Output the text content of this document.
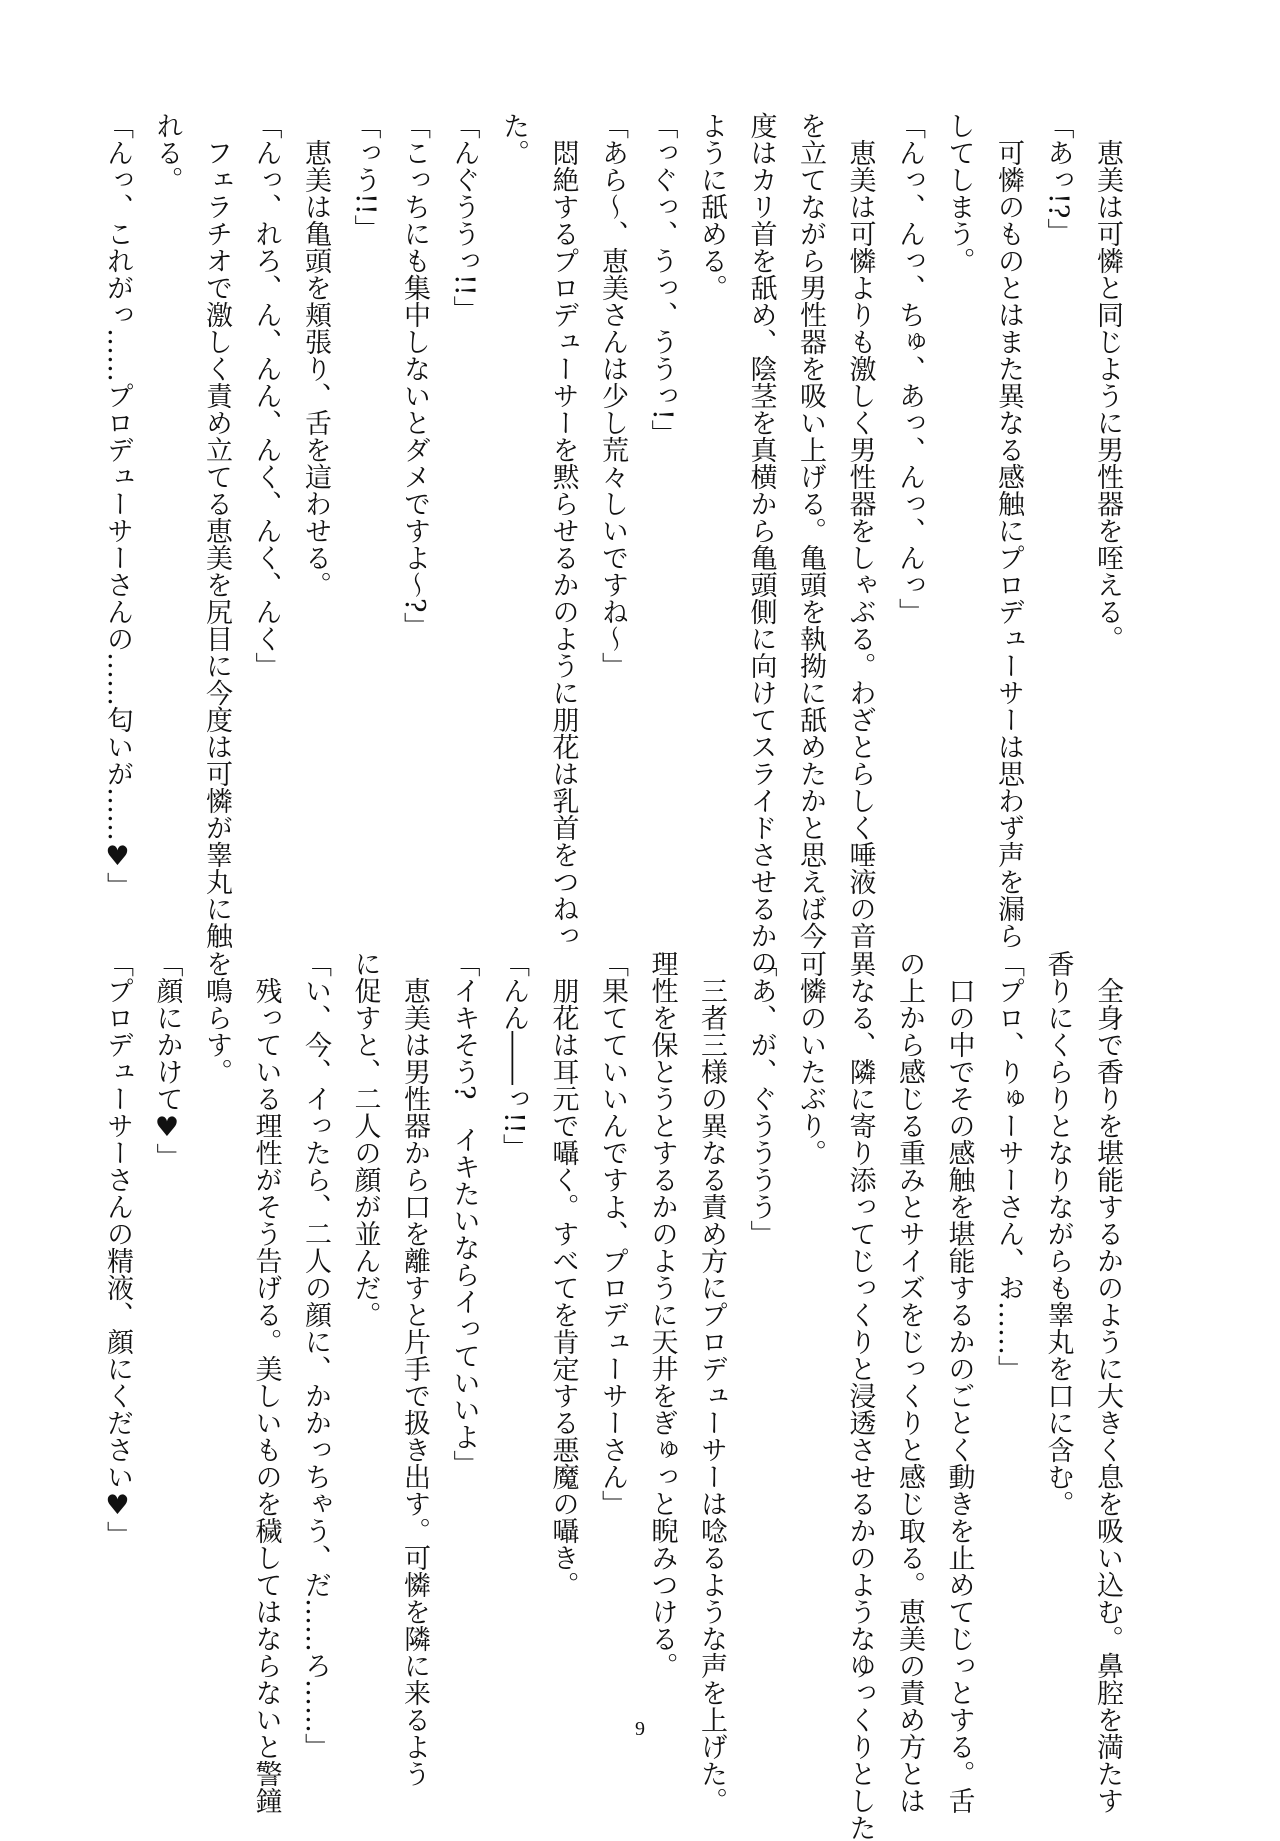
　恵美は可憐と同じように男性器を咥える。
「あっ!?」
　可憐のものとはまた異なる感触にプロデューサーは思わず声を漏ら
してしまう。
「んっ、んっ、ちゅ、あっ、んっ、んっ」
　恵美は可憐よりも激しく男性器をしゃぶる。わざとらしく唾液の音
を立てながら男性器を吸い上げる。亀頭を執拗に舐めたかと思えば今
度はカリ首を舐め、陰茎を真横から亀頭側に向けてスライドさせるかの
ように舐める。
「っぐっ、うっ、ううっ!」
「あら〜、恵美さんは少し荒々しいですね〜」
　悶絶するプロデューサーを黙らせるかのように朋花は乳首をつねっ
た。
「んぐううっ!!」
「こっちにも集中しないとダメですよ〜?」
「っう!!」
　恵美は亀頭を頬張り、舌を這わせる。
「んっ、れろ、ん、んん、んく、んく、んく」
　フェラチオで激しく責め立てる恵美を尻目に今度は可憐が睾丸に触
れる。
「んっ、これがっ……プロデューサーさんの……匂いが……♥」
　全身で香りを堪能するかのように大きく息を吸い込む。鼻腔を満たす
香りにくらりとなりながらも睾丸を口に含む。
「プロ、りゅーサーさん、お……」
　口の中でその感触を堪能するかのごとく動きを止めてじっとする。舌
の上から感じる重みとサイズをじっくりと感じ取る。恵美の責め方とは
異なる、隣に寄り添ってじっくりと浸透させるかのようなゆっくりとした
可憐のいたぶり。
「あ、が、ぐうううう」
　三者三様の異なる責め方にプロデューサーは唸るような声を上げた。
理性を保とうとするかのように天井をぎゅっと睨みつける。
「果てていいんですよ、プロデューサーさん」
　朋花は耳元で囁く。すべてを肯定する悪魔の囁き。
「んん――っ!!」
「イキそう?　イキたいならイっていいよ」
　恵美は男性器から口を離すと片手で扱き出す。可憐を隣に来るよう
に促すと、二人の顔が並んだ。
「い、今、イったら、二人の顔に、かかっちゃう、だ……ろ……」
　残っている理性がそう告げる。美しいものを穢してはならないと警鐘
を鳴らす。
「顔にかけて♥」
「プロデューサーさんの精液、顔にください♥」
9
